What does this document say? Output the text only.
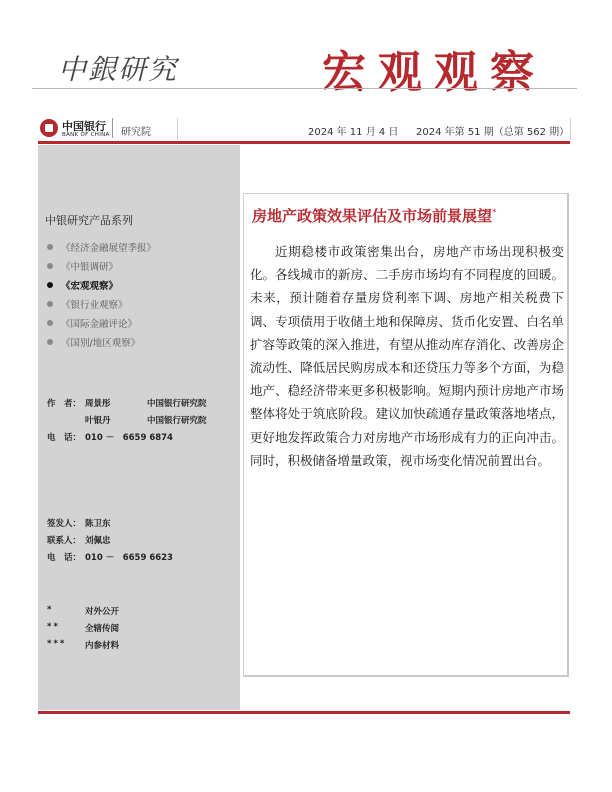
中銀研究	宏观观察
中国银行
BANK OF CHINA 研究院	2024 年 11 月 4 日 2024 年第 51 期（总第 562 期）
中银研究产品系列
《经济金融展望季报》
《中银调研》
《宏观观察》
《银行业观察》
《国际金融评论》
《国别/地区观察》
作　者： 周景彤	中国银行研究院
叶银丹	中国银行研究院
电　话： 010 －　6659 6874
签发人： 陈卫东
联系人： 刘佩忠
电　话： 010 －　6659 6623
*	对外公开
**	全辖传阅
***	内参材料
房地产政策效果评估及市场前景展望*

近期稳楼市政策密集出台，房地产市场出现积极变化。各线城市的新房、二手房市场均有不同程度的回暖。未来，预计随着存量房贷利率下调、房地产相关税费下调、专项债用于收储土地和保障房、货币化安置、白名单扩容等政策的深入推进，有望从推动库存消化、改善房企流动性、降低居民购房成本和还贷压力等多个方面，为稳地产、稳经济带来更多积极影响。短期内预计房地产市场整体将处于筑底阶段。建议加快疏通存量政策落地堵点，更好地发挥政策合力对房地产市场形成有力的正向冲击。同时，积极储备增量政策，视市场变化情况前置出台。
